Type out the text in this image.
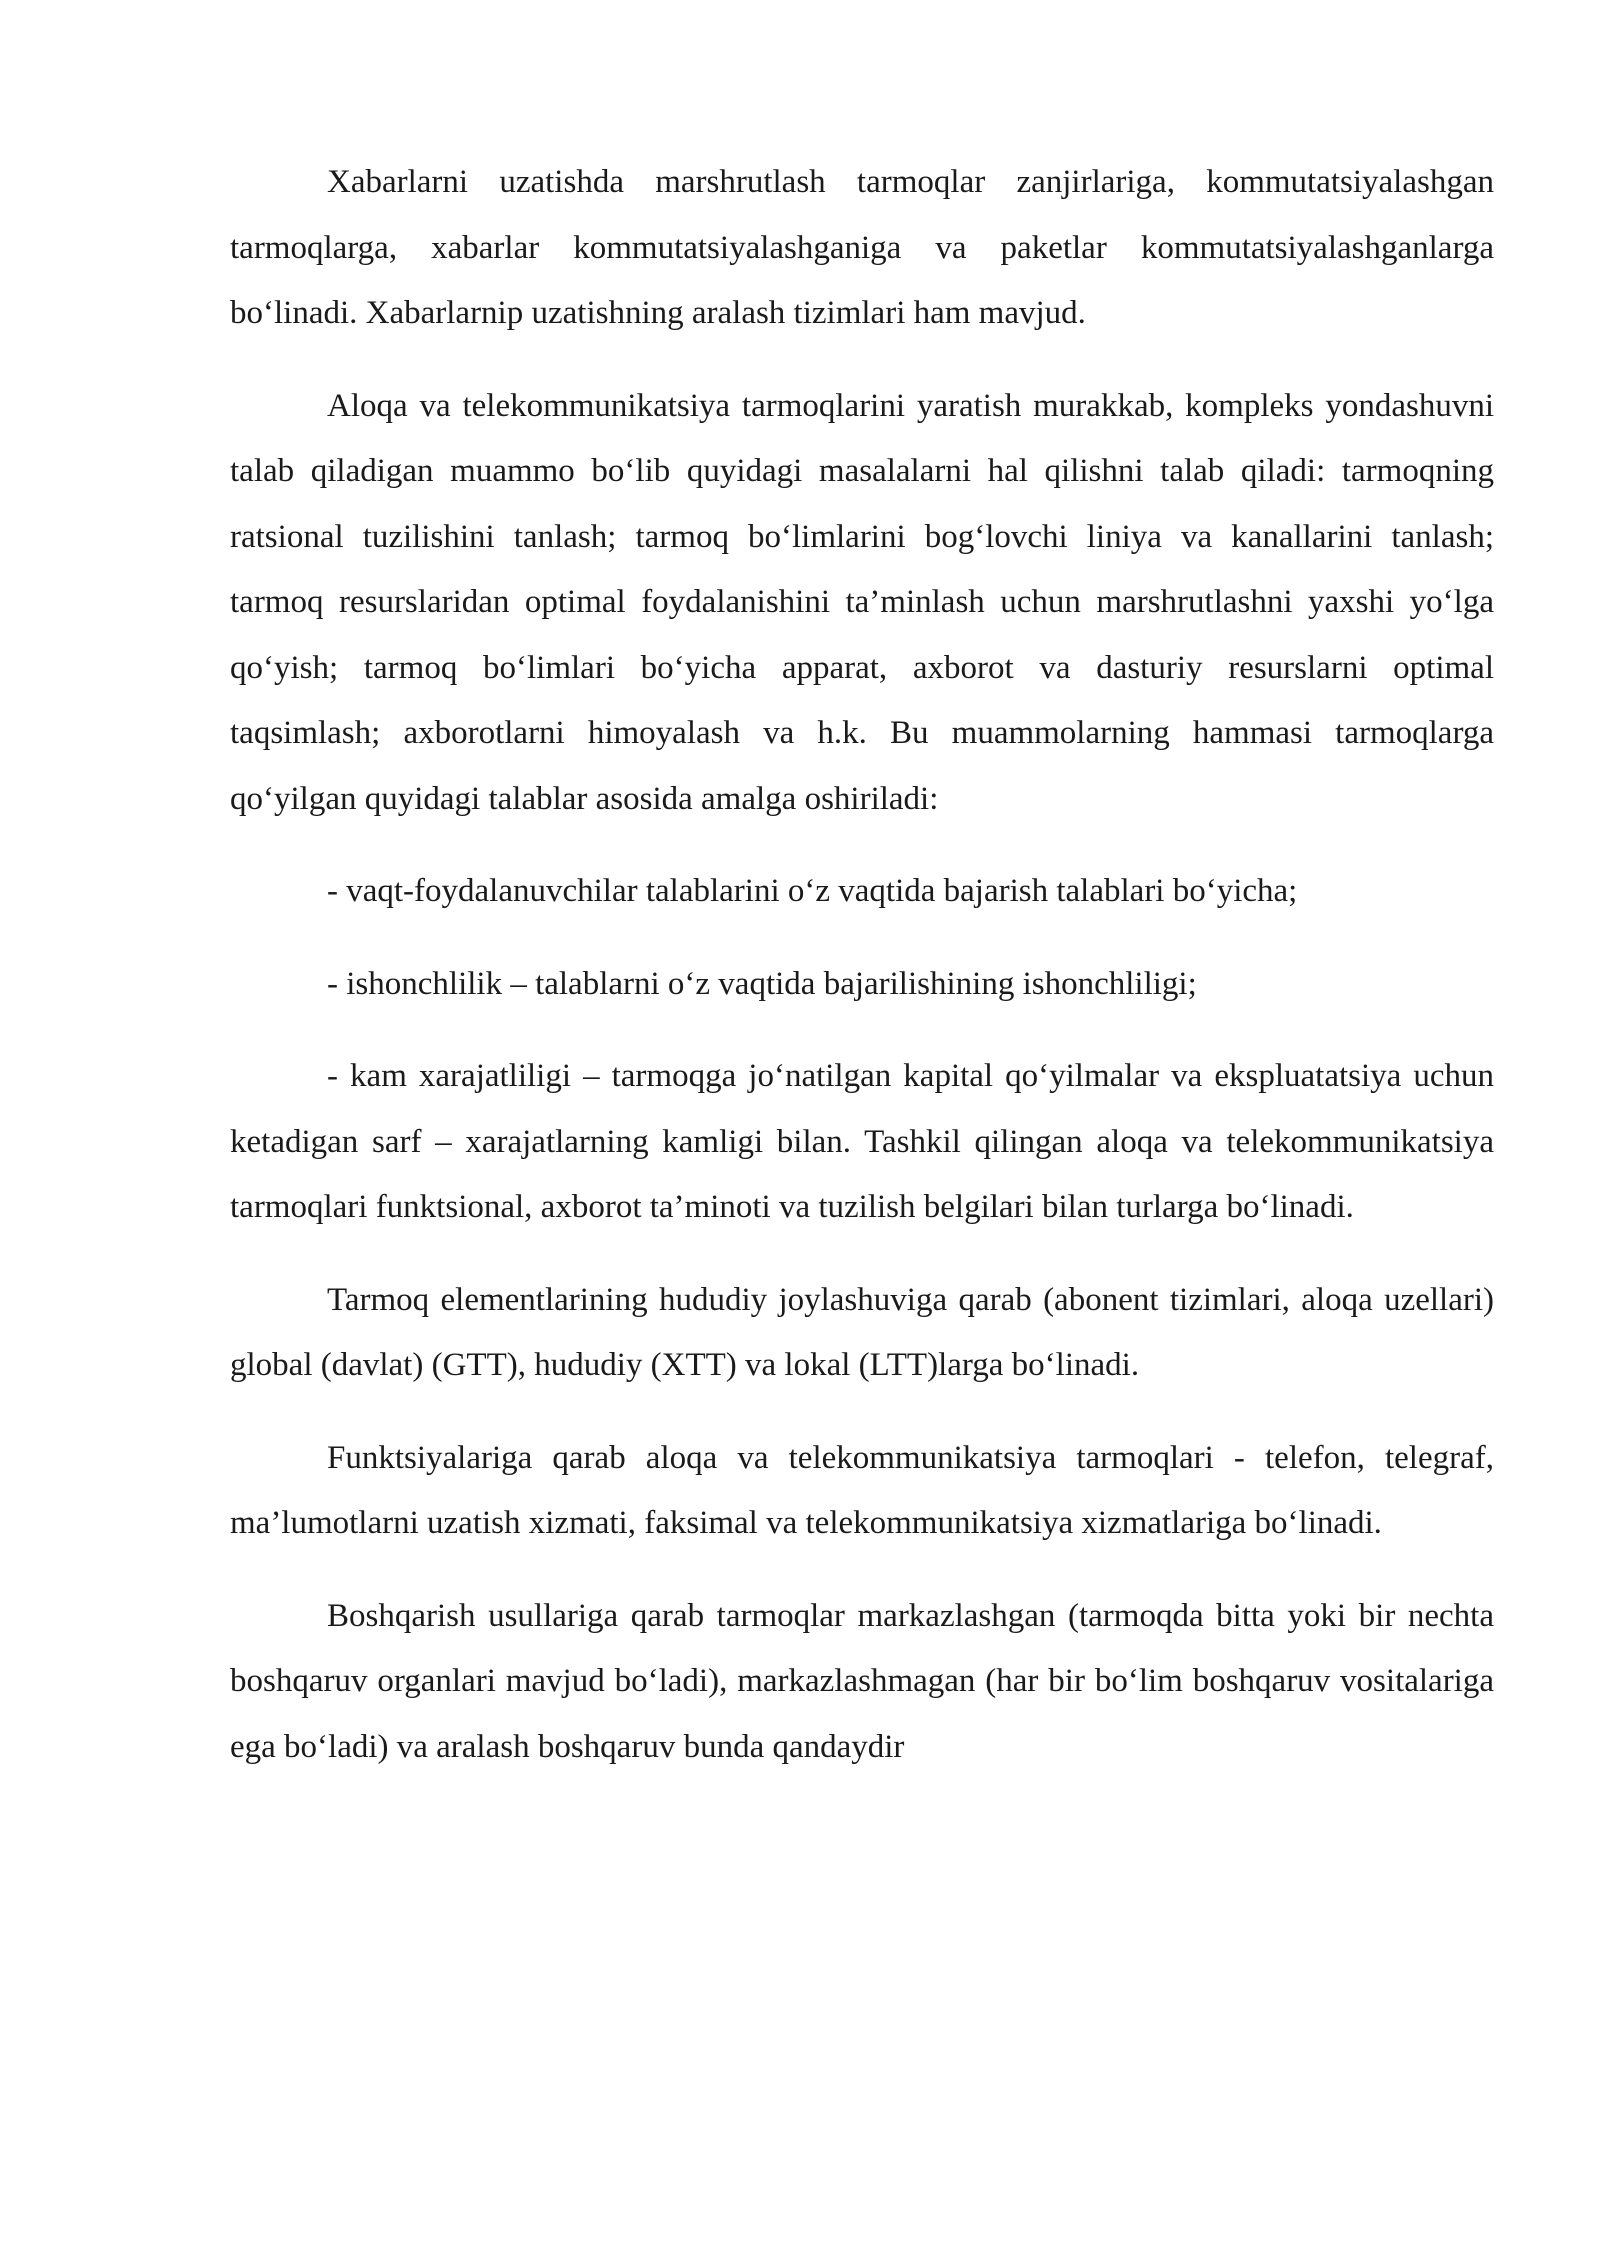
Xabarlarni uzatishda marshrutlash tarmoqlar zanjirlariga, kommutatsiyalashgan tarmoqlarga, xabarlar kommutatsiyalashganiga va paketlar kommutatsiyalashganlarga bo‘linadi. Xabarlarnip uzatishning aralash tizimlari ham mavjud.

Aloqa va telekommunikatsiya tarmoqlarini yaratish murakkab, kompleks yondashuvni talab qiladigan muammo bo‘lib quyidagi masalalarni hal qilishni talab qiladi: tarmoqning ratsional tuzilishini tanlash; tarmoq bo‘limlarini bog‘lovchi liniya va kanallarini tanlash; tarmoq resurslaridan optimal foydalanishini ta’minlash uchun marshrutlashni yaxshi yo‘lga qo‘yish; tarmoq bo‘limlari bo‘yicha apparat, axborot va dasturiy resurslarni optimal taqsimlash; axborotlarni himoyalash va h.k. Bu muammolarning hammasi tarmoqlarga qo‘yilgan quyidagi talablar asosida amalga oshiriladi:

- vaqt-foydalanuvchilar talablarini o‘z vaqtida bajarish talablari bo‘yicha;

- ishonchlilik – talablarni o‘z vaqtida bajarilishining ishonchliligi;

- kam xarajatliligi – tarmoqga jo‘natilgan kapital qo‘yilmalar va ekspluatatsiya uchun ketadigan sarf – xarajatlarning kamligi bilan. Tashkil qilingan aloqa va telekommunikatsiya tarmoqlari funktsional, axborot ta’minoti va tuzilish belgilari bilan turlarga bo‘linadi.

Tarmoq elementlarining hududiy joylashuviga qarab (abonent tizimlari, aloqa uzellari) global (davlat) (GTT), hududiy (XTT) va lokal (LTT)larga bo‘linadi.

Funktsiyalariga qarab aloqa va telekommunikatsiya tarmoqlari - telefon, telegraf, ma’lumotlarni uzatish xizmati, faksimal va telekommunikatsiya xizmatlariga bo‘linadi.

Boshqarish usullariga qarab tarmoqlar markazlashgan (tarmoqda bitta yoki bir nechta boshqaruv organlari mavjud bo‘ladi), markazlashmagan (har bir bo‘lim boshqaruv vositalariga ega bo‘ladi) va aralash boshqaruv bunda qandaydir
